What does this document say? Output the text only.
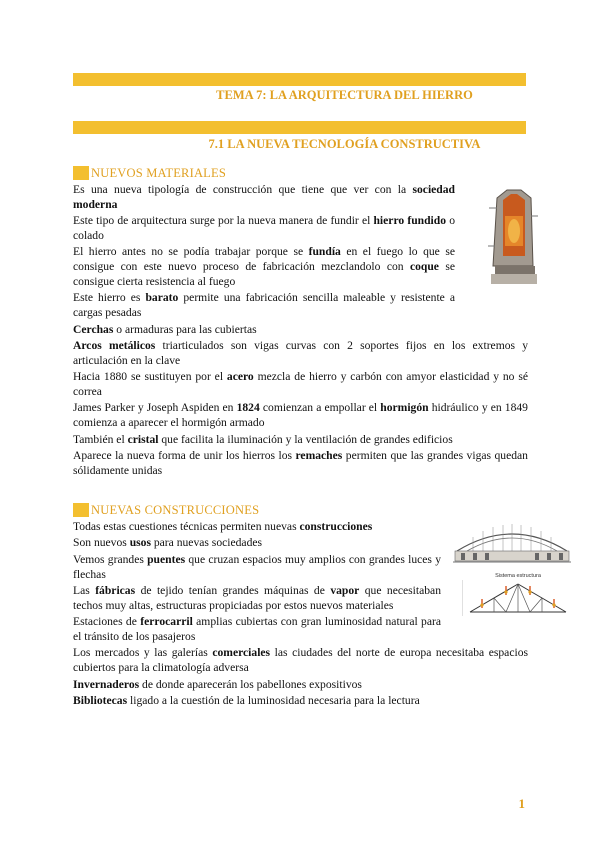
TEMA 7: LA ARQUITECTURA DEL HIERRO
7.1 LA NUEVA TECNOLOGÍA CONSTRUCTIVA
NUEVOS MATERIALES

Es una nueva tipología de construcción que tiene que ver con la sociedad moderna

Este tipo de arquitectura surge por la nueva manera de fundir el hierro fundido o colado

El hierro antes no se podía trabajar porque se fundía en el fuego lo que se consigue con este nuevo proceso de fabricación mezclandolo con coque se consigue cierta resistencia al fuego

Este hierro es barato permite una fabricación sencilla maleable y resistente a cargas pesadas

Cerchas o armaduras para las cubiertas

Arcos metálicos triarticulados son vigas curvas con 2 soportes fijos en los extremos y articulación en la clave

Hacia 1880 se sustituyen por el acero mezcla de hierro y carbón con amyor elasticidad y no sé correa

James Parker y Joseph Aspiden en 1824 comienzan a empollar el hormigón hidráulico y en 1849 comienza a aparecer el hormigón armado

También el cristal que facilita la iluminación y la ventilación de grandes edificios

Aparece la nueva forma de unir los hierros los remaches permiten que las grandes vigas quedan sólidamente unidas

NUEVAS CONSTRUCCIONES

Todas estas cuestiones técnicas permiten nuevas construcciones

Son nuevos usos para nuevas sociedades

Vemos grandes puentes que cruzan espacios muy amplios con grandes luces y flechas

Las fábricas de tejido tenían grandes máquinas de vapor que necesitaban techos muy altas, estructuras propiciadas por estos nuevos materiales

Estaciones de ferrocarril amplias cubiertas con gran luminosidad natural para el tránsito de los pasajeros

Los mercados y las galerías comerciales las ciudades del norte de europa necesitaba espacios cubiertos para la climatología adversa

Invernaderos de donde aparecerán los pabellones expositivos

Bibliotecas ligado a la cuestión de la luminosidad necesaria para la lectura

Sistema estructura
1
